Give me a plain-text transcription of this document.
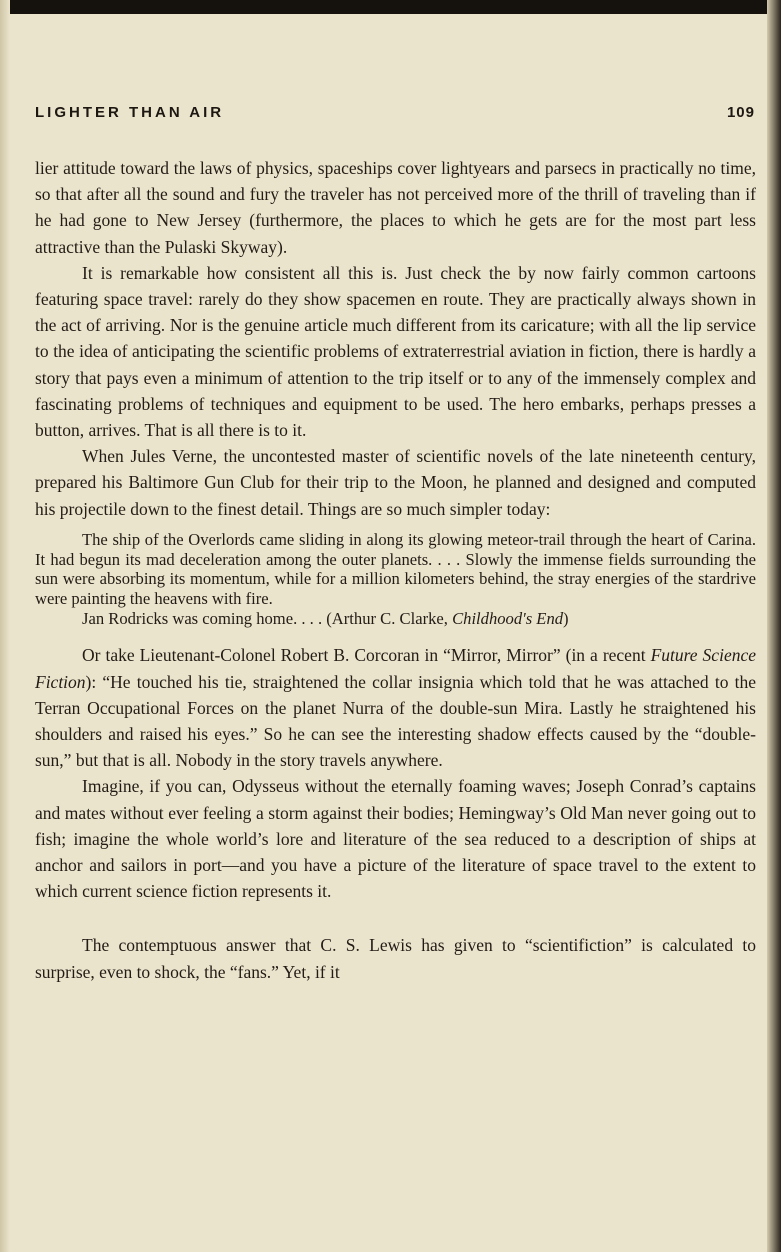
LIGHTER THAN AIR	109

lier attitude toward the laws of physics, spaceships cover lightyears and parsecs in practically no time, so that after all the sound and fury the traveler has not perceived more of the thrill of traveling than if he had gone to New Jersey (furthermore, the places to which he gets are for the most part less attractive than the Pulaski Skyway).

It is remarkable how consistent all this is. Just check the by now fairly common cartoons featuring space travel: rarely do they show spacemen en route. They are practically always shown in the act of arriving. Nor is the genuine article much different from its caricature; with all the lip service to the idea of anticipating the scientific problems of extraterrestrial aviation in fiction, there is hardly a story that pays even a minimum of attention to the trip itself or to any of the immensely complex and fascinating problems of techniques and equipment to be used. The hero embarks, perhaps presses a button, arrives. That is all there is to it.

When Jules Verne, the uncontested master of scientific novels of the late nineteenth century, prepared his Baltimore Gun Club for their trip to the Moon, he planned and designed and computed his projectile down to the finest detail. Things are so much simpler today:

The ship of the Overlords came sliding in along its glowing meteor-trail through the heart of Carina. It had begun its mad deceleration among the outer planets. . . . Slowly the immense fields surrounding the sun were absorbing its momentum, while for a million kilometers behind, the stray energies of the stardrive were painting the heavens with fire.

Jan Rodricks was coming home. . . . (Arthur C. Clarke, Childhood's End)

Or take Lieutenant-Colonel Robert B. Corcoran in “Mirror, Mirror” (in a recent Future Science Fiction): “He touched his tie, straightened the collar insignia which told that he was attached to the Terran Occupational Forces on the planet Nurra of the double-sun Mira. Lastly he straightened his shoulders and raised his eyes.” So he can see the interesting shadow effects caused by the “double-sun,” but that is all. Nobody in the story travels anywhere.

Imagine, if you can, Odysseus without the eternally foaming waves; Joseph Conrad’s captains and mates without ever feeling a storm against their bodies; Hemingway’s Old Man never going out to fish; imagine the whole world’s lore and literature of the sea reduced to a description of ships at anchor and sailors in port—and you have a picture of the literature of space travel to the extent to which current science fiction represents it.

The contemptuous answer that C. S. Lewis has given to “scientifiction” is calculated to surprise, even to shock, the “fans.” Yet, if it
